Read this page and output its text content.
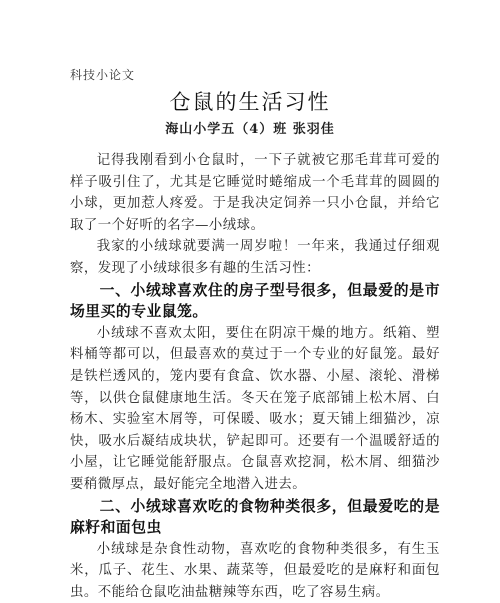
科技小论文
仓鼠的生活习性
海山小学五（4）班 张羽佳

记得我刚看到小仓鼠时，一下子就被它那毛茸茸可爱的样子吸引住了，尤其是它睡觉时蜷缩成一个毛茸茸的圆圆的小球，更加惹人疼爱。于是我决定饲养一只小仓鼠，并给它取了一个好听的名字—小绒球。

我家的小绒球就要满一周岁啦！一年来，我通过仔细观察，发现了小绒球很多有趣的生活习性：

一、小绒球喜欢住的房子型号很多，但最爱的是市场里买的专业鼠笼。

小绒球不喜欢太阳，要住在阴凉干燥的地方。纸箱、塑料桶等都可以，但最喜欢的莫过于一个专业的好鼠笼。最好是铁栏透风的，笼内要有食盒、饮水器、小屋、滚轮、滑梯等，以供仓鼠健康地生活。冬天在笼子底部铺上松木屑、白杨木、实验室木屑等，可保暖、吸水；夏天铺上细猫沙，凉快，吸水后凝结成块状，铲起即可。还要有一个温暖舒适的小屋，让它睡觉能舒服点。仓鼠喜欢挖洞，松木屑、细猫沙要稍微厚点，最好能完全地潜入进去。

二、小绒球喜欢吃的食物种类很多，但最爱吃的是麻籽和面包虫

小绒球是杂食性动物，喜欢吃的食物种类很多，有生玉米，瓜子、花生、水果、蔬菜等，但最爱吃的是麻籽和面包虫。不能给仓鼠吃油盐糖辣等东西，吃了容易生病。
